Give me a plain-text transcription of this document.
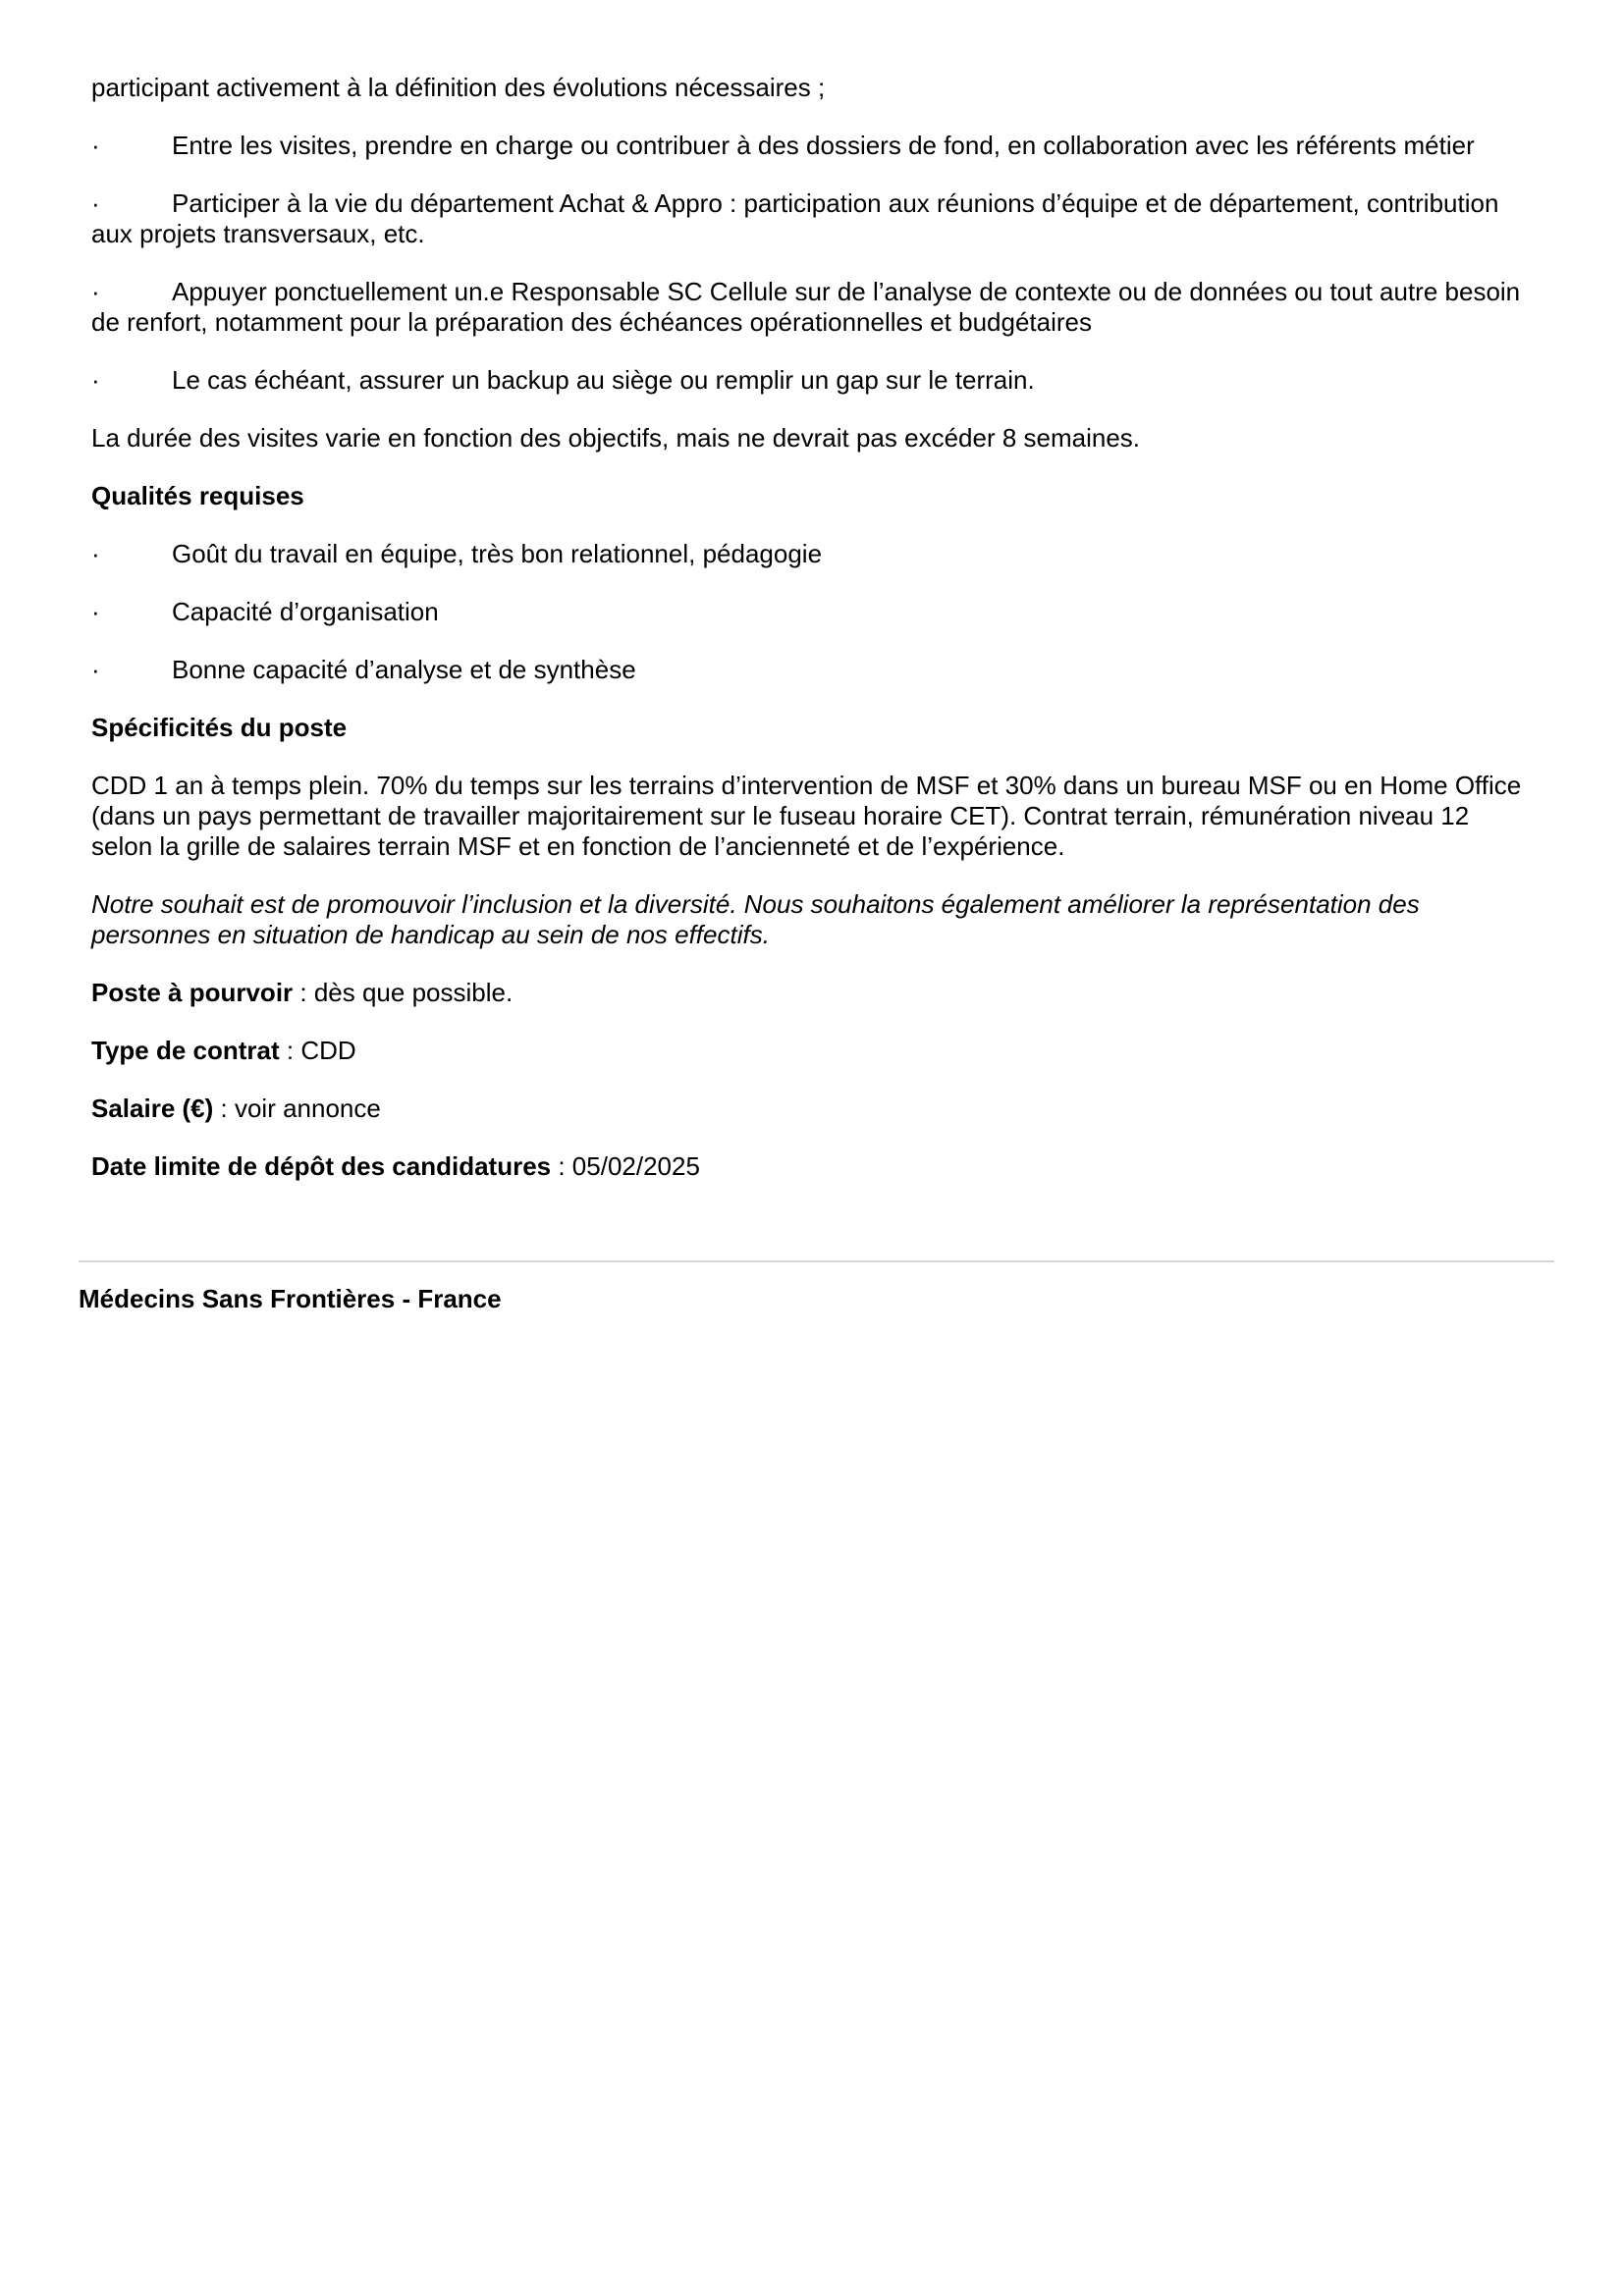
participant activement à la définition des évolutions nécessaires ;

·	Entre les visites, prendre en charge ou contribuer à des dossiers de fond, en collaboration avec les référents métier

·	Participer à la vie du département Achat & Appro : participation aux réunions d’équipe et de département, contribution aux projets transversaux, etc.

·	Appuyer ponctuellement un.e Responsable SC Cellule sur de l’analyse de contexte ou de données ou tout autre besoin de renfort, notamment pour la préparation des échéances opérationnelles et budgétaires

·	Le cas échéant, assurer un backup au siège ou remplir un gap sur le terrain.

La durée des visites varie en fonction des objectifs, mais ne devrait pas excéder 8 semaines.

Qualités requises

·	Goût du travail en équipe, très bon relationnel, pédagogie

·	Capacité d’organisation

·	Bonne capacité d’analyse et de synthèse

Spécificités du poste

CDD 1 an à temps plein. 70% du temps sur les terrains d’intervention de MSF et 30% dans un bureau MSF ou en Home Office (dans un pays permettant de travailler majoritairement sur le fuseau horaire CET). Contrat terrain, rémunération niveau 12 selon la grille de salaires terrain MSF et en fonction de l’ancienneté et de l’expérience.

Notre souhait est de promouvoir l’inclusion et la diversité. Nous souhaitons également améliorer la représentation des personnes en situation de handicap au sein de nos effectifs.

Poste à pourvoir : dès que possible.

Type de contrat : CDD

Salaire (€) : voir annonce

Date limite de dépôt des candidatures : 05/02/2025

Médecins Sans Frontières - France
